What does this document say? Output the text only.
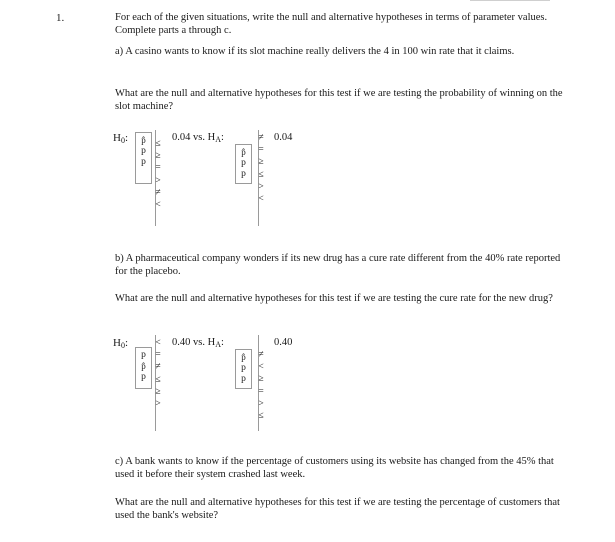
1.	For each of the given situations, write the null and alternative hypotheses in terms of parameter values. Complete parts a through c.
a) A casino wants to know if its slot machine really delivers the 4 in 100 win rate that it claims.
What are the null and alternative hypotheses for this test if we are testing the probability of winning on the slot machine?
$H_0$: p̂
p
p
≤
≥
=
>
≠
<
0.04 vs. $H_A$:
p̂
p
p
≠
=
≥
≤
>
<
0.04
b) A pharmaceutical company wonders if its new drug has a cure rate different from the 40% rate reported for the placebo.
What are the null and alternative hypotheses for this test if we are testing the cure rate for the new drug?
$H_0$:
p
p̂
p
<
=
≠
≤
≥
>
0.40 vs. $H_A$:
p̂
p
p
≠
<
≥
=
>
≤
0.40
c) A bank wants to know if the percentage of customers using its website has changed from the 45% that used it before their system crashed last week.
What are the null and alternative hypotheses for this test if we are testing the percentage of customers that used the bank's website?
